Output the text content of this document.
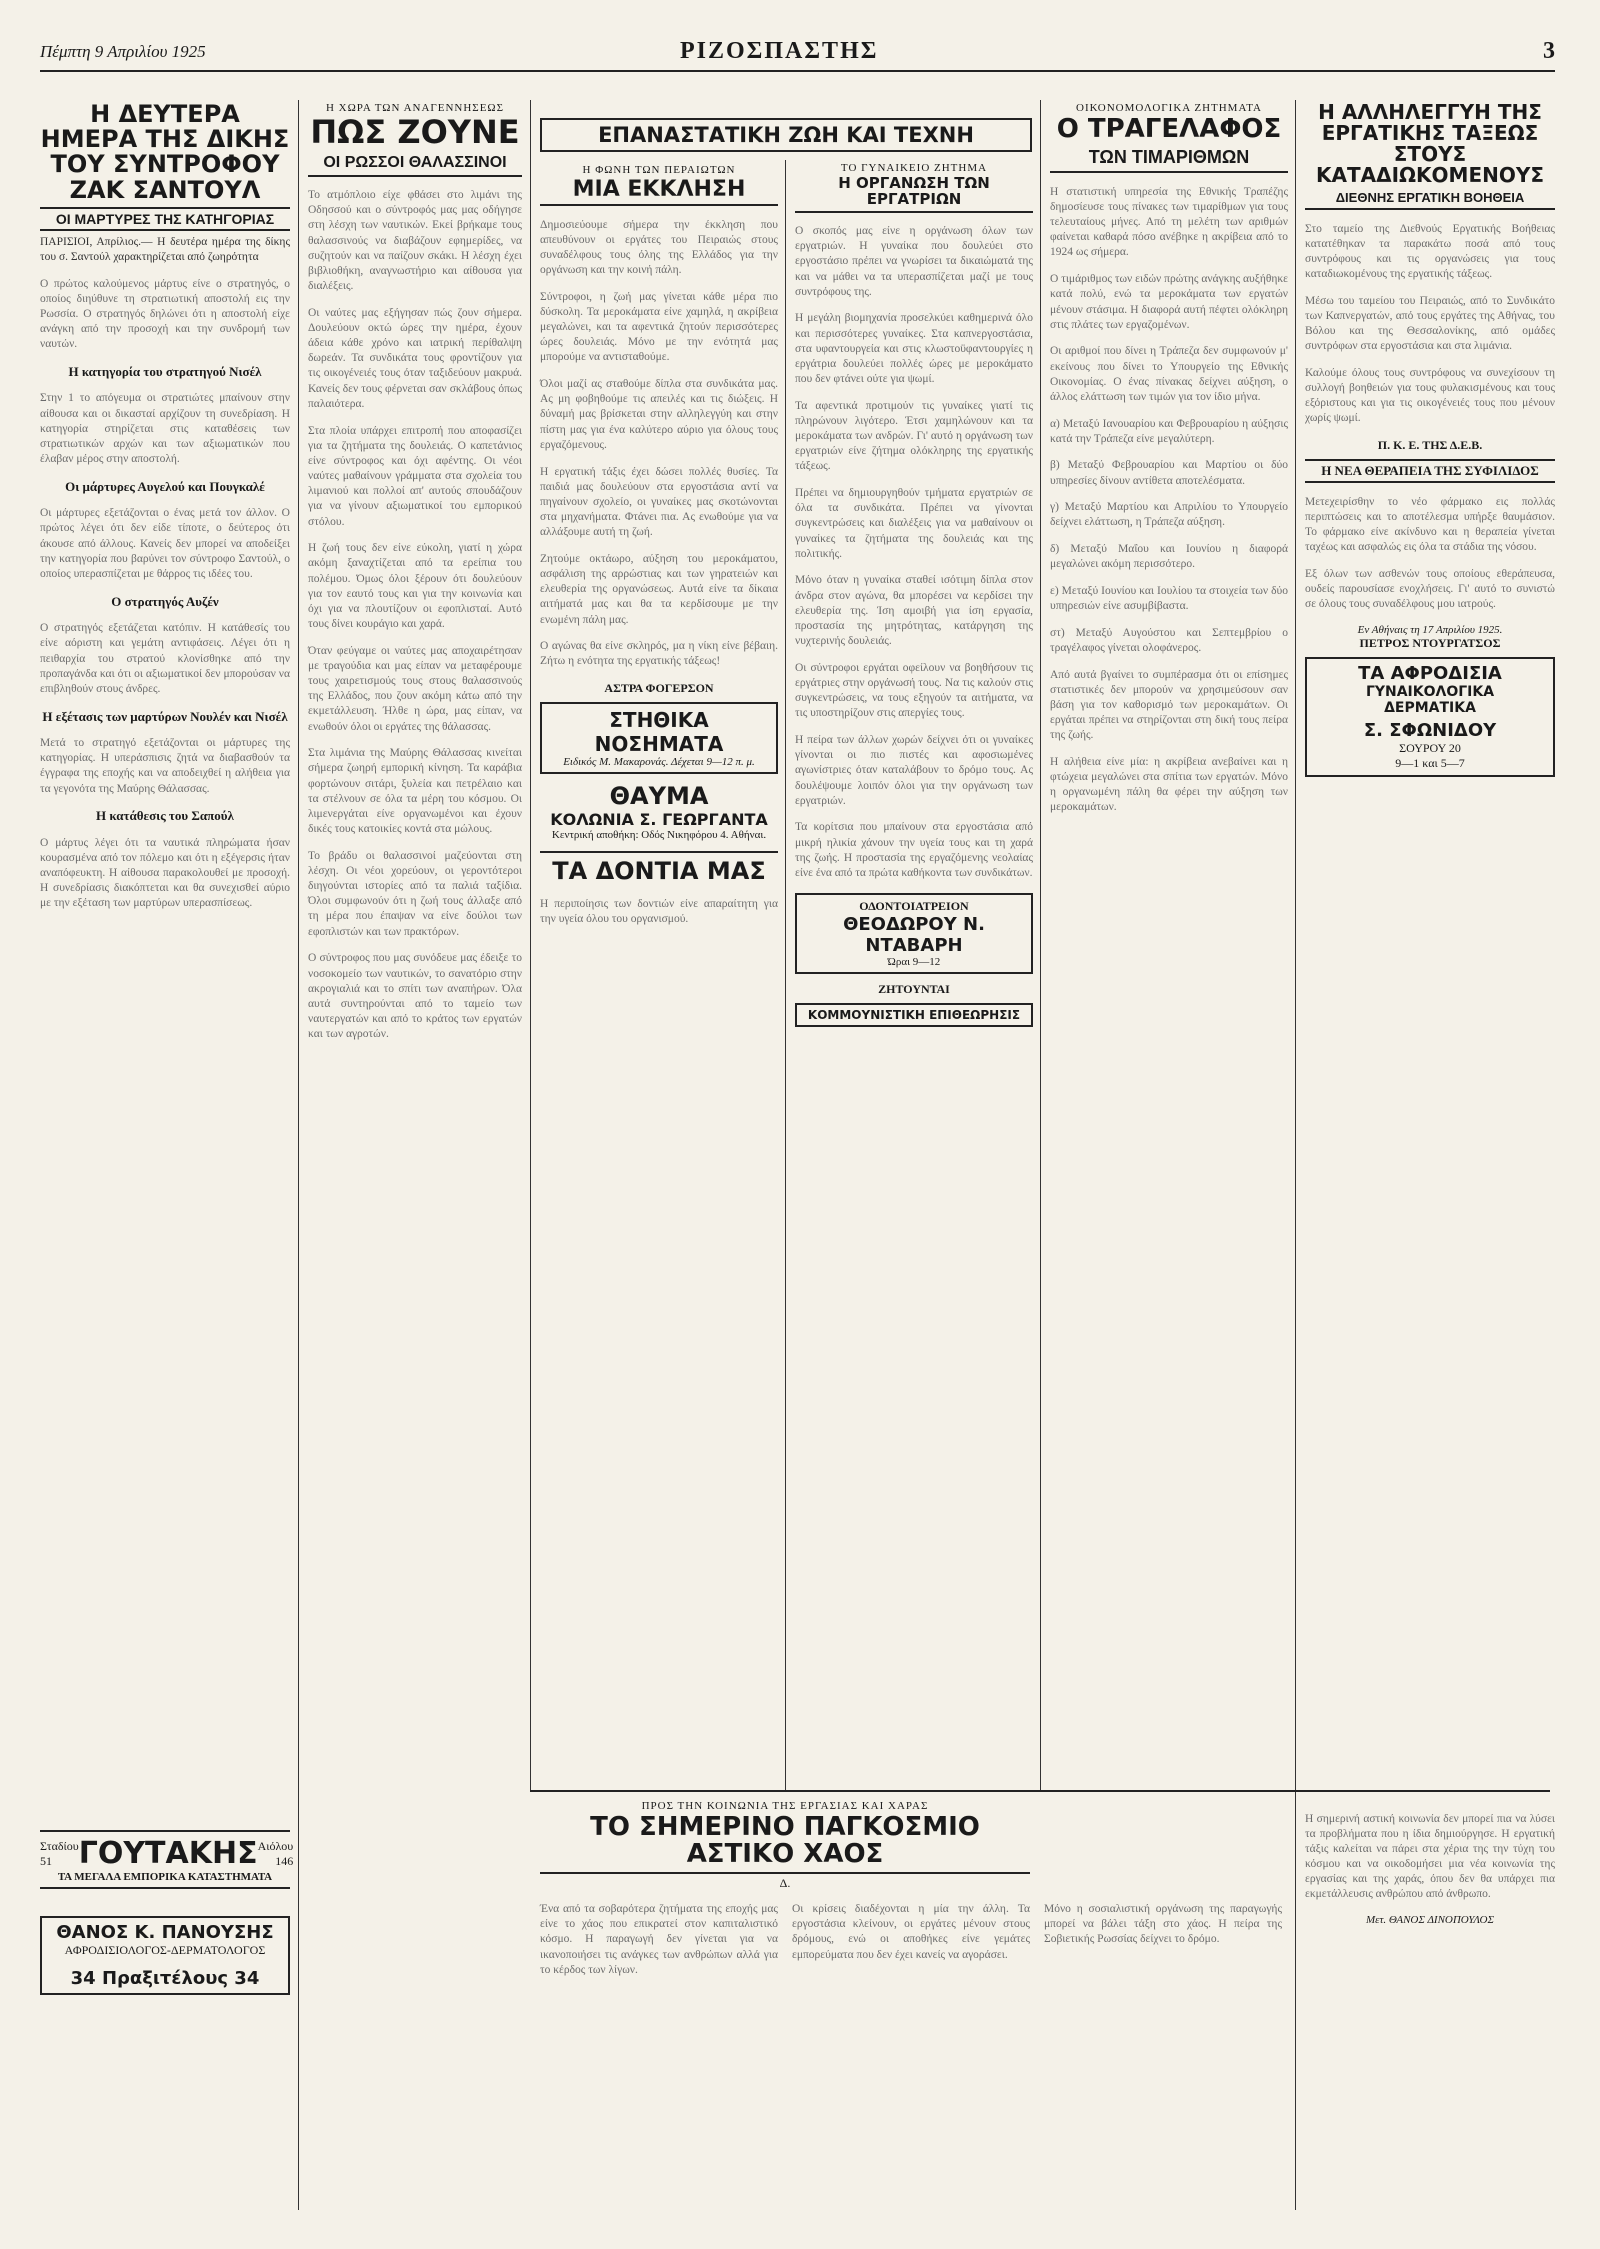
Πέμπτη 9 Απριλίου 1925	ΡΙΖΟΣΠΑΣΤΗΣ	3
Η ΔΕΥΤΕΡΑ ΗΜΕΡΑ ΤΗΣ ΔΙΚΗΣ ΤΟΥ ΣΥΝΤΡΟΦΟΥ ΖΑΚ ΣΑΝΤΟΥΛ
ΟΙ ΜΑΡΤΥΡΕΣ ΤΗΣ ΚΑΤΗΓΟΡΙΑΣ

ΠΑΡΙΣΙΟΙ, Απρίλιος.— Η δευτέρα ημέρα της δίκης του σ. Σαντούλ χαρακτηρίζεται από ζωηρότητα

Ο πρώτος καλούμενος μάρτυς είνε ο στρατηγός, ο οποίος διηύθυνε τη στρατιωτική αποστολή εις την Ρωσσία. Ο στρατηγός δηλώνει ότι η αποστολή είχε ανάγκη από την προσοχή και την συνδρομή των ναυτών.

Η κατηγορία του στρατηγού Νισέλ

Στην 1 το απόγευμα οι στρατιώτες μπαίνουν στην αίθουσα και οι δικασταί αρχίζουν τη συνεδρίαση. Η κατηγορία στηρίζεται στις καταθέσεις των στρατιωτικών αρχών και των αξιωματικών που έλαβαν μέρος στην αποστολή.

Οι μάρτυρες Αυγελού και Πουγκαλέ

Οι μάρτυρες εξετάζονται ο ένας μετά τον άλλον. Ο πρώτος λέγει ότι δεν είδε τίποτε, ο δεύτερος ότι άκουσε από άλλους. Κανείς δεν μπορεί να αποδείξει την κατηγορία που βαρύνει τον σύντροφο Σαντούλ, ο οποίος υπερασπίζεται με θάρρος τις ιδέες του.

Ο στρατηγός Αυζέν

Ο στρατηγός εξετάζεται κατόπιν. Η κατάθεσίς του είνε αόριστη και γεμάτη αντιφάσεις. Λέγει ότι η πειθαρχία του στρατού κλονίσθηκε από την προπαγάνδα και ότι οι αξιωματικοί δεν μπορούσαν να επιβληθούν στους άνδρες.

Η εξέτασις των μαρτύρων Νουλέν και Νισέλ

Μετά το στρατηγό εξετάζονται οι μάρτυρες της κατηγορίας. Η υπεράσπισις ζητά να διαβασθούν τα έγγραφα της εποχής και να αποδειχθεί η αλήθεια για τα γεγονότα της Μαύρης Θάλασσας.

Η κατάθεσις του Σαπούλ

Ο μάρτυς λέγει ότι τα ναυτικά πληρώματα ήσαν κουρασμένα από τον πόλεμο και ότι η εξέγερσις ήταν αναπόφευκτη. Η αίθουσα παρακολουθεί με προσοχή. Η συνεδρίασις διακόπτεται και θα συνεχισθεί αύριο με την εξέταση των μαρτύρων υπερασπίσεως.

Σταδίου 51 ΓΟΥΤΑΚΗΣ Αιόλου 146
ΤΑ ΜΕΓΑΛΑ ΕΜΠΟΡΙΚΑ ΚΑΤΑΣΤΗΜΑΤΑ
ΘΑΝΟΣ Κ. ΠΑΝΟΥΣΗΣ
ΑΦΡΟΔΙΣΙΟΛΟΓΟΣ-ΔΕΡΜΑΤΟΛΟΓΟΣ
34 Πραξιτέλους 34
Η ΧΩΡΑ ΤΩΝ ΑΝΑΓΕΝΝΗΣΕΩΣ
ΠΩΣ ΖΟΥΝΕ
ΟΙ ΡΩΣΣΟΙ ΘΑΛΑΣΣΙΝΟΙ

Το ατμόπλοιο είχε φθάσει στο λιμάνι της Οδησσού και ο σύντροφός μας μας οδήγησε στη λέσχη των ναυτικών. Εκεί βρήκαμε τους θαλασσινούς να διαβάζουν εφημερίδες, να συζητούν και να παίζουν σκάκι. Η λέσχη έχει βιβλιοθήκη, αναγνωστήριο και αίθουσα για διαλέξεις.

Οι ναύτες μας εξήγησαν πώς ζουν σήμερα. Δουλεύουν οκτώ ώρες την ημέρα, έχουν άδεια κάθε χρόνο και ιατρική περίθαλψη δωρεάν. Τα συνδικάτα τους φροντίζουν για τις οικογένειές τους όταν ταξιδεύουν μακρυά. Κανείς δεν τους φέρνεται σαν σκλάβους όπως παλαιότερα.

Στα πλοία υπάρχει επιτροπή που αποφασίζει για τα ζητήματα της δουλειάς. Ο καπετάνιος είνε σύντροφος και όχι αφέντης. Οι νέοι ναύτες μαθαίνουν γράμματα στα σχολεία του λιμανιού και πολλοί απ' αυτούς σπουδάζουν για να γίνουν αξιωματικοί του εμπορικού στόλου.

Η ζωή τους δεν είνε εύκολη, γιατί η χώρα ακόμη ξαναχτίζεται από τα ερείπια του πολέμου. Όμως όλοι ξέρουν ότι δουλεύουν για τον εαυτό τους και για την κοινωνία και όχι για να πλουτίζουν οι εφοπλισταί. Αυτό τους δίνει κουράγιο και χαρά.

Όταν φεύγαμε οι ναύτες μας αποχαιρέτησαν με τραγούδια και μας είπαν να μεταφέρουμε τους χαιρετισμούς τους στους θαλασσινούς της Ελλάδος, που ζουν ακόμη κάτω από την εκμετάλλευση. Ήλθε η ώρα, μας είπαν, να ενωθούν όλοι οι εργάτες της θάλασσας.

Στα λιμάνια της Μαύρης Θάλασσας κινείται σήμερα ζωηρή εμπορική κίνηση. Τα καράβια φορτώνουν σιτάρι, ξυλεία και πετρέλαιο και τα στέλνουν σε όλα τα μέρη του κόσμου. Οι λιμενεργάται είνε οργανωμένοι και έχουν δικές τους κατοικίες κοντά στα μώλους.

Το βράδυ οι θαλασσινοί μαζεύονται στη λέσχη. Οι νέοι χορεύουν, οι γεροντότεροι διηγούνται ιστορίες από τα παλιά ταξίδια. Όλοι συμφωνούν ότι η ζωή τους άλλαξε από τη μέρα που έπαψαν να είνε δούλοι των εφοπλιστών και των πρακτόρων.

Ο σύντροφος που μας συνόδευε μας έδειξε το νοσοκομείο των ναυτικών, το σανατόριο στην ακρογιαλιά και το σπίτι των αναπήρων. Όλα αυτά συντηρούνται από το ταμείο των ναυτεργατών και από το κράτος των εργατών και των αγροτών.

ΕΠΑΝΑΣΤΑΤΙΚΗ ΖΩΗ ΚΑΙ ΤΕΧΝΗ
Η ΦΩΝΗ ΤΩΝ ΠΕΡΑΙΩΤΩΝ
ΜΙΑ ΕΚΚΛΗΣΗ

Δημοσιεύουμε σήμερα την έκκληση που απευθύνουν οι εργάτες του Πειραιώς στους συναδέλφους τους όλης της Ελλάδος για την οργάνωση και την κοινή πάλη.

Σύντροφοι, η ζωή μας γίνεται κάθε μέρα πιο δύσκολη. Τα μεροκάματα είνε χαμηλά, η ακρίβεια μεγαλώνει, και τα αφεντικά ζητούν περισσότερες ώρες δουλειάς. Μόνο με την ενότητά μας μπορούμε να αντισταθούμε.

Όλοι μαζί ας σταθούμε δίπλα στα συνδικάτα μας. Ας μη φοβηθούμε τις απειλές και τις διώξεις. Η δύναμή μας βρίσκεται στην αλληλεγγύη και στην πίστη μας για ένα καλύτερο αύριο για όλους τους εργαζόμενους.

Η εργατική τάξις έχει δώσει πολλές θυσίες. Τα παιδιά μας δουλεύουν στα εργοστάσια αντί να πηγαίνουν σχολείο, οι γυναίκες μας σκοτώνονται στα μηχανήματα. Φτάνει πια. Ας ενωθούμε για να αλλάξουμε αυτή τη ζωή.

Ζητούμε οκτάωρο, αύξηση του μεροκάματου, ασφάλιση της αρρώστιας και των γηρατειών και ελευθερία της οργανώσεως. Αυτά είνε τα δίκαια αιτήματά μας και θα τα κερδίσουμε με την ενωμένη πάλη μας.

Ο αγώνας θα είνε σκληρός, μα η νίκη είνε βέβαιη. Ζήτω η ενότητα της εργατικής τάξεως!

ΑΣΤΡΑ ΦΟΓΕΡΣΟΝ
ΣΤΗΘΙΚΑ ΝΟΣΗΜΑΤΑ
Ειδικός Μ. Μακαρονάς. Δέχεται 9—12 π. μ.
ΘΑΥΜΑ
ΚΟΛΩΝΙΑ Σ. ΓΕΩΡΓΑΝΤΑ
Κεντρική αποθήκη: Οδός Νικηφόρου 4. Αθήναι.
ΤΑ ΔΟΝΤΙΑ ΜΑΣ

Η περιποίησις των δοντιών είνε απαραίτητη για την υγεία όλου του οργανισμού.

ΤΟ ΓΥΝΑΙΚΕΙΟ ΖΗΤΗΜΑ
Η ΟΡΓΑΝΩΣΗ ΤΩΝ ΕΡΓΑΤΡΙΩΝ

Ο σκοπός μας είνε η οργάνωση όλων των εργατριών. Η γυναίκα που δουλεύει στο εργοστάσιο πρέπει να γνωρίσει τα δικαιώματά της και να μάθει να τα υπερασπίζεται μαζί με τους συντρόφους της.

Η μεγάλη βιομηχανία προσελκύει καθημερινά όλο και περισσότερες γυναίκες. Στα καπνεργοστάσια, στα υφαντουργεία και στις κλωστοϋφαντουργίες η εργάτρια δουλεύει πολλές ώρες με μεροκάματο που δεν φτάνει ούτε για ψωμί.

Τα αφεντικά προτιμούν τις γυναίκες γιατί τις πληρώνουν λιγότερο. Έτσι χαμηλώνουν και τα μεροκάματα των ανδρών. Γι' αυτό η οργάνωση των εργατριών είνε ζήτημα ολόκληρης της εργατικής τάξεως.

Πρέπει να δημιουργηθούν τμήματα εργατριών σε όλα τα συνδικάτα. Πρέπει να γίνονται συγκεντρώσεις και διαλέξεις για να μαθαίνουν οι γυναίκες τα ζητήματα της δουλειάς και της πολιτικής.

Μόνο όταν η γυναίκα σταθεί ισότιμη δίπλα στον άνδρα στον αγώνα, θα μπορέσει να κερδίσει την ελευθερία της. Ίση αμοιβή για ίση εργασία, προστασία της μητρότητας, κατάργηση της νυχτερινής δουλειάς.

Οι σύντροφοι εργάται οφείλουν να βοηθήσουν τις εργάτριες στην οργάνωσή τους. Να τις καλούν στις συγκεντρώσεις, να τους εξηγούν τα αιτήματα, να τις υποστηρίζουν στις απεργίες τους.

Η πείρα των άλλων χωρών δείχνει ότι οι γυναίκες γίνονται οι πιο πιστές και αφοσιωμένες αγωνίστριες όταν καταλάβουν το δρόμο τους. Ας δουλέψουμε λοιπόν όλοι για την οργάνωση των εργατριών.

Τα κορίτσια που μπαίνουν στα εργοστάσια από μικρή ηλικία χάνουν την υγεία τους και τη χαρά της ζωής. Η προστασία της εργαζόμενης νεολαίας είνε ένα από τα πρώτα καθήκοντα των συνδικάτων.

ΟΔΟΝΤΟΙΑΤΡΕΙΟΝ
ΘΕΟΔΩΡΟΥ Ν. ΝΤΑΒΑΡΗ
Ώραι 9—12
ΖΗΤΟΥΝΤΑΙ
ΚΟΜΜΟΥΝΙΣΤΙΚΗ ΕΠΙΘΕΩΡΗΣΙΣ
ΟΙΚΟΝΟΜΟΛΟΓΙΚΑ ΖΗΤΗΜΑΤΑ
Ο ΤΡΑΓΕΛΑΦΟΣ
ΤΩΝ ΤΙΜΑΡΙΘΜΩΝ

Η στατιστική υπηρεσία της Εθνικής Τραπέζης δημοσίευσε τους πίνακες των τιμαρίθμων για τους τελευταίους μήνες. Από τη μελέτη των αριθμών φαίνεται καθαρά πόσο ανέβηκε η ακρίβεια από το 1924 ως σήμερα.

Ο τιμάριθμος των ειδών πρώτης ανάγκης αυξήθηκε κατά πολύ, ενώ τα μεροκάματα των εργατών μένουν στάσιμα. Η διαφορά αυτή πέφτει ολόκληρη στις πλάτες των εργαζομένων.

Οι αριθμοί που δίνει η Τράπεζα δεν συμφωνούν μ' εκείνους που δίνει το Υπουργείο της Εθνικής Οικονομίας. Ο ένας πίνακας δείχνει αύξηση, ο άλλος ελάττωση των τιμών για τον ίδιο μήνα.

α) Μεταξύ Ιανουαρίου και Φεβρουαρίου η αύξησις κατά την Τράπεζα είνε μεγαλύτερη.

β) Μεταξύ Φεβρουαρίου και Μαρτίου οι δύο υπηρεσίες δίνουν αντίθετα αποτελέσματα.

γ) Μεταξύ Μαρτίου και Απριλίου το Υπουργείο δείχνει ελάττωση, η Τράπεζα αύξηση.

δ) Μεταξύ Μαΐου και Ιουνίου η διαφορά μεγαλώνει ακόμη περισσότερο.

ε) Μεταξύ Ιουνίου και Ιουλίου τα στοιχεία των δύο υπηρεσιών είνε ασυμβίβαστα.

στ) Μεταξύ Αυγούστου και Σεπτεμβρίου ο τραγέλαφος γίνεται ολοφάνερος.

Από αυτά βγαίνει το συμπέρασμα ότι οι επίσημες στατιστικές δεν μπορούν να χρησιμεύσουν σαν βάση για τον καθορισμό των μεροκαμάτων. Οι εργάται πρέπει να στηρίζονται στη δική τους πείρα της ζωής.

Η αλήθεια είνε μία: η ακρίβεια ανεβαίνει και η φτώχεια μεγαλώνει στα σπίτια των εργατών. Μόνο η οργανωμένη πάλη θα φέρει την αύξηση των μεροκαμάτων.

Η ΑΛΛΗΛΕΓΓΥΗ ΤΗΣ ΕΡΓΑΤΙΚΗΣ ΤΑΞΕΩΣ ΣΤΟΥΣ ΚΑΤΑΔΙΩΚΟΜΕΝΟΥΣ
ΔΙΕΘΝΗΣ ΕΡΓΑΤΙΚΗ ΒΟΗΘΕΙΑ

Στο ταμείο της Διεθνούς Εργατικής Βοήθειας κατατέθηκαν τα παρακάτω ποσά από τους συντρόφους και τις οργανώσεις για τους καταδιωκομένους της εργατικής τάξεως.

Μέσω του ταμείου του Πειραιώς, από το Συνδικάτο των Καπνεργατών, από τους εργάτες της Αθήνας, του Βόλου και της Θεσσαλονίκης, από ομάδες συντρόφων στα εργοστάσια και στα λιμάνια.

Καλούμε όλους τους συντρόφους να συνεχίσουν τη συλλογή βοηθειών για τους φυλακισμένους και τους εξόριστους και για τις οικογένειές τους που μένουν χωρίς ψωμί.

Π. Κ. Ε. ΤΗΣ Δ.Ε.Β.
Η ΝΕΑ ΘΕΡΑΠΕΙΑ ΤΗΣ ΣΥΦΙΛΙΔΟΣ

Μετεχειρίσθην το νέο φάρμακο εις πολλάς περιπτώσεις και το αποτέλεσμα υπήρξε θαυμάσιον. Το φάρμακο είνε ακίνδυνο και η θεραπεία γίνεται ταχέως και ασφαλώς εις όλα τα στάδια της νόσου.

Εξ όλων των ασθενών τους οποίους εθεράπευσα, ουδείς παρουσίασε ενοχλήσεις. Γι' αυτό το συνιστώ σε όλους τους συναδέλφους μου ιατρούς.

Εν Αθήναις τη 17 Απριλίου 1925.
ΠΕΤΡΟΣ ΝΤΟΥΡΓΑΤΣΟΣ
ΤΑ ΑΦΡΟΔΙΣΙΑ
ΓΥΝΑΙΚΟΛΟΓΙΚΑ
ΔΕΡΜΑΤΙΚΑ
Σ. ΣΦΩΝΙΔΟΥ
ΣΟΥΡΟΥ 20
9—1 και 5—7

Η σημερινή αστική κοινωνία δεν μπορεί πια να λύσει τα προβλήματα που η ίδια δημιούργησε. Η εργατική τάξις καλείται να πάρει στα χέρια της την τύχη του κόσμου και να οικοδομήσει μια νέα κοινωνία της εργασίας και της χαράς, όπου δεν θα υπάρχει πια εκμετάλλευσις ανθρώπου από άνθρωπο.

Μετ. ΘΑΝΟΣ ΔΙΝΟΠΟΥΛΟΣ
ΠΡΟΣ ΤΗΝ ΚΟΙΝΩΝΙΑ ΤΗΣ ΕΡΓΑΣΙΑΣ ΚΑΙ ΧΑΡΑΣ
ΤΟ ΣΗΜΕΡΙΝΟ ΠΑΓΚΟΣΜΙΟ ΑΣΤΙΚΟ ΧΑΟΣ
Δ.

Ένα από τα σοβαρότερα ζητήματα της εποχής μας είνε το χάος που επικρατεί στον καπιταλιστικό κόσμο. Η παραγωγή δεν γίνεται για να ικανοποιήσει τις ανάγκες των ανθρώπων αλλά για το κέρδος των λίγων.

Οι κρίσεις διαδέχονται η μία την άλλη. Τα εργοστάσια κλείνουν, οι εργάτες μένουν στους δρόμους, ενώ οι αποθήκες είνε γεμάτες εμπορεύματα που δεν έχει κανείς να αγοράσει.

Μόνο η σοσιαλιστική οργάνωση της παραγωγής μπορεί να βάλει τάξη στο χάος. Η πείρα της Σοβιετικής Ρωσσίας δείχνει το δρόμο.
